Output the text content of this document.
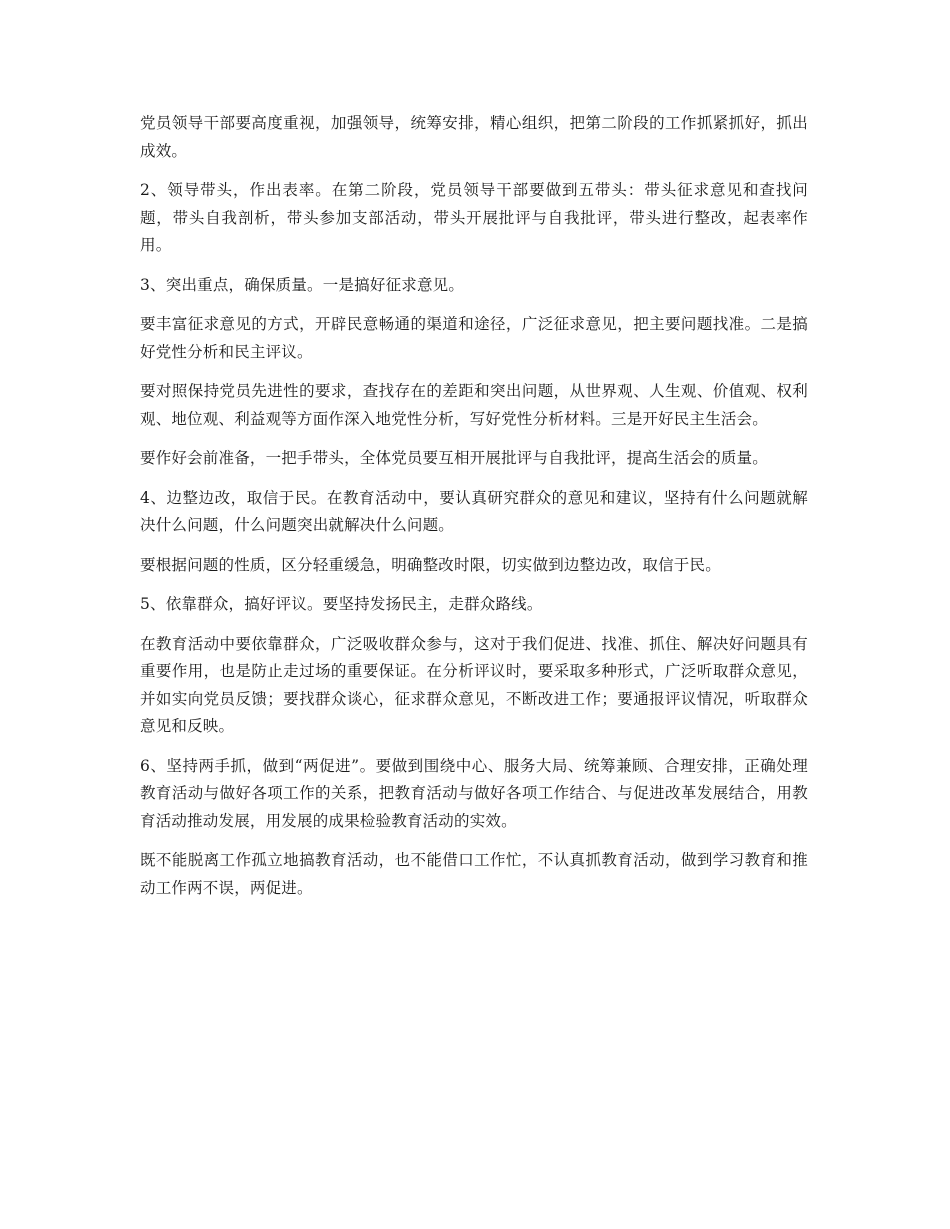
党员领导干部要高度重视，加强领导，统筹安排，精心组织，把第二阶段的工作抓紧抓好，抓出成效。

2、领导带头，作出表率。在第二阶段，党员领导干部要做到五带头：带头征求意见和查找问题，带头自我剖析，带头参加支部活动，带头开展批评与自我批评，带头进行整改，起表率作用。

3、突出重点，确保质量。一是搞好征求意见。

要丰富征求意见的方式，开辟民意畅通的渠道和途径，广泛征求意见，把主要问题找准。二是搞好党性分析和民主评议。

要对照保持党员先进性的要求，查找存在的差距和突出问题，从世界观、人生观、价值观、权利观、地位观、利益观等方面作深入地党性分析，写好党性分析材料。三是开好民主生活会。

要作好会前准备，一把手带头，全体党员要互相开展批评与自我批评，提高生活会的质量。

4、边整边改，取信于民。在教育活动中，要认真研究群众的意见和建议，坚持有什么问题就解决什么问题，什么问题突出就解决什么问题。

要根据问题的性质，区分轻重缓急，明确整改时限，切实做到边整边改，取信于民。

5、依靠群众，搞好评议。要坚持发扬民主，走群众路线。

在教育活动中要依靠群众，广泛吸收群众参与，这对于我们促进、找准、抓住、解决好问题具有重要作用，也是防止走过场的重要保证。在分析评议时，要采取多种形式，广泛听取群众意见，并如实向党员反馈；要找群众谈心，征求群众意见，不断改进工作；要通报评议情况，听取群众意见和反映。

6、坚持两手抓，做到“两促进”。要做到围绕中心、服务大局、统筹兼顾、合理安排，正确处理教育活动与做好各项工作的关系，把教育活动与做好各项工作结合、与促进改革发展结合，用教育活动推动发展，用发展的成果检验教育活动的实效。

既不能脱离工作孤立地搞教育活动，也不能借口工作忙，不认真抓教育活动，做到学习教育和推动工作两不误，两促进。
